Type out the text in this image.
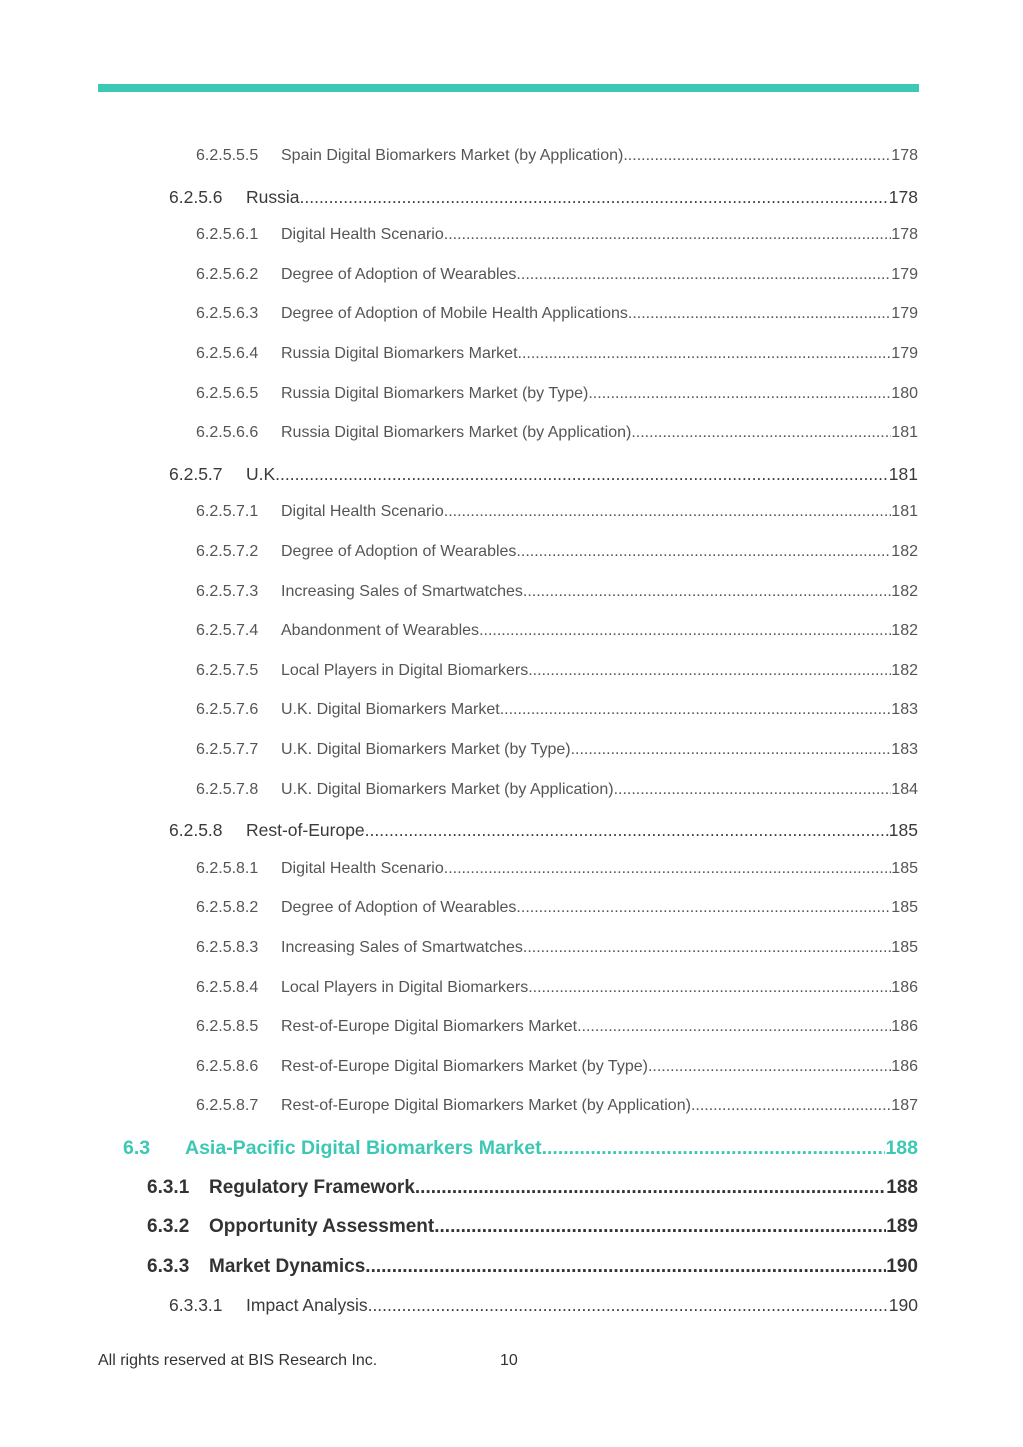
6.2.5.5.5	Spain Digital Biomarkers Market (by Application) .....	178
6.2.5.6	Russia .....	178
6.2.5.6.1	Digital Health Scenario .....	178
6.2.5.6.2	Degree of Adoption of Wearables .....	179
6.2.5.6.3	Degree of Adoption of Mobile Health Applications .....	179
6.2.5.6.4	Russia Digital Biomarkers Market .....	179
6.2.5.6.5	Russia Digital Biomarkers Market (by Type) .....	180
6.2.5.6.6	Russia Digital Biomarkers Market (by Application) .....	181
6.2.5.7	U.K. .....	181
6.2.5.7.1	Digital Health Scenario .....	181
6.2.5.7.2	Degree of Adoption of Wearables .....	182
6.2.5.7.3	Increasing Sales of Smartwatches .....	182
6.2.5.7.4	Abandonment of Wearables .....	182
6.2.5.7.5	Local Players in Digital Biomarkers .....	182
6.2.5.7.6	U.K. Digital Biomarkers Market .....	183
6.2.5.7.7	U.K. Digital Biomarkers Market (by Type) .....	183
6.2.5.7.8	U.K. Digital Biomarkers Market (by Application) .....	184
6.2.5.8	Rest-of-Europe .....	185
6.2.5.8.1	Digital Health Scenario .....	185
6.2.5.8.2	Degree of Adoption of Wearables .....	185
6.2.5.8.3	Increasing Sales of Smartwatches .....	185
6.2.5.8.4	Local Players in Digital Biomarkers .....	186
6.2.5.8.5	Rest-of-Europe Digital Biomarkers Market .....	186
6.2.5.8.6	Rest-of-Europe Digital Biomarkers Market (by Type) .....	186
6.2.5.8.7	Rest-of-Europe Digital Biomarkers Market (by Application) .....	187
6.3	Asia-Pacific Digital Biomarkers Market .....	188
6.3.1	Regulatory Framework .....	188
6.3.2	Opportunity Assessment .....	189
6.3.3	Market Dynamics .....	190
6.3.3.1	Impact Analysis .....	190
All rights reserved at BIS Research Inc.	10
